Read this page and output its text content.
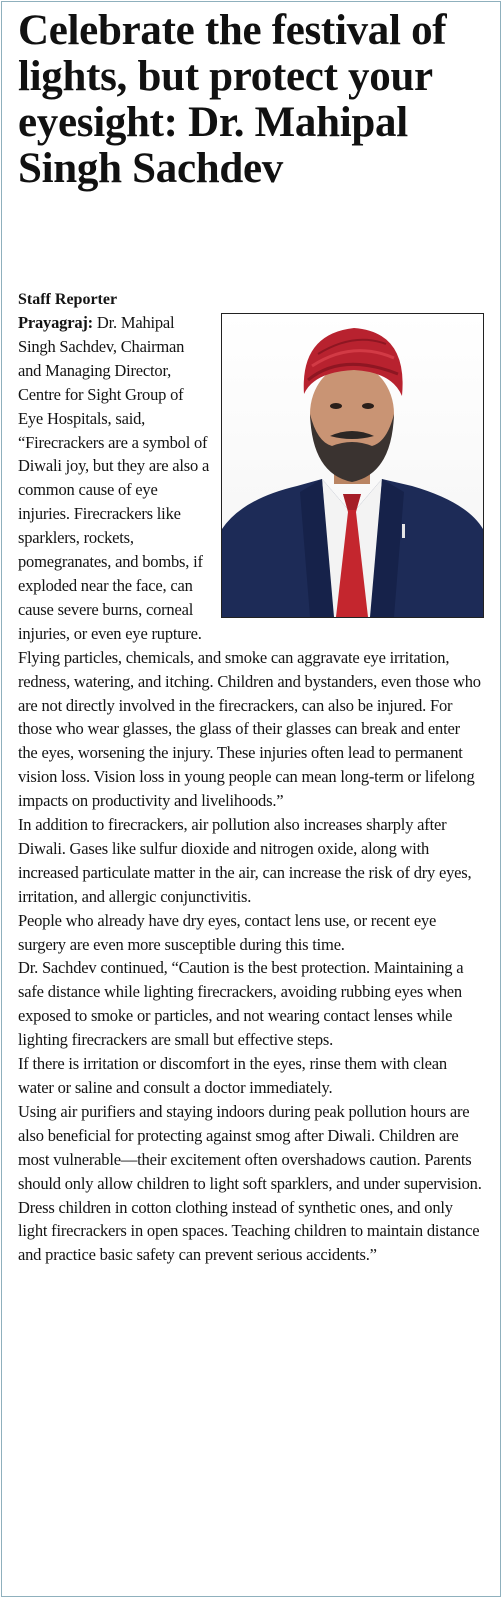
Celebrate the festival of lights, but protect your eyesight: Dr. Mahipal Singh Sachdev
Staff Reporter

Prayagraj: Dr. Mahipal Singh Sachdev, Chairman and Managing Director, Centre for Sight Group of Eye Hospitals, said, “Firecrackers are a symbol of Diwali joy, but they are also a common cause of eye injuries. Firecrackers like sparklers, rockets, pomegranates, and bombs, if exploded near the face, can cause severe burns, corneal injuries, or even eye rupture. Flying particles, chemicals, and smoke can aggravate eye irritation, redness, watering, and itching. Children and bystanders, even those who are not directly involved in the firecrackers, can also be injured. For those who wear glasses, the glass of their glasses can break and enter the eyes, worsening the injury. These injuries often lead to permanent vision loss. Vision loss in young people can mean long-term or lifelong impacts on productivity and livelihoods.”

In addition to firecrackers, air pollution also increases sharply after Diwali. Gases like sulfur dioxide and nitrogen oxide, along with increased particulate matter in the air, can increase the risk of dry eyes, irritation, and allergic conjunctivitis.

People who already have dry eyes, contact lens use, or recent eye surgery are even more susceptible during this time.

Dr. Sachdev continued, “Caution is the best protection. Maintaining a safe distance while lighting firecrackers, avoiding rubbing eyes when exposed to smoke or particles, and not wearing contact lenses while lighting firecrackers are small but effective steps.

If there is irritation or discomfort in the eyes, rinse them with clean water or saline and consult a doctor immediately.

Using air purifiers and staying indoors during peak pollution hours are also beneficial for protecting against smog after Diwali. Children are most vulnerable—their excitement often overshadows caution. Parents should only allow children to light soft sparklers, and under supervision.

Dress children in cotton clothing instead of synthetic ones, and only light firecrackers in open spaces. Teaching children to maintain distance and practice basic safety can prevent serious accidents.”
